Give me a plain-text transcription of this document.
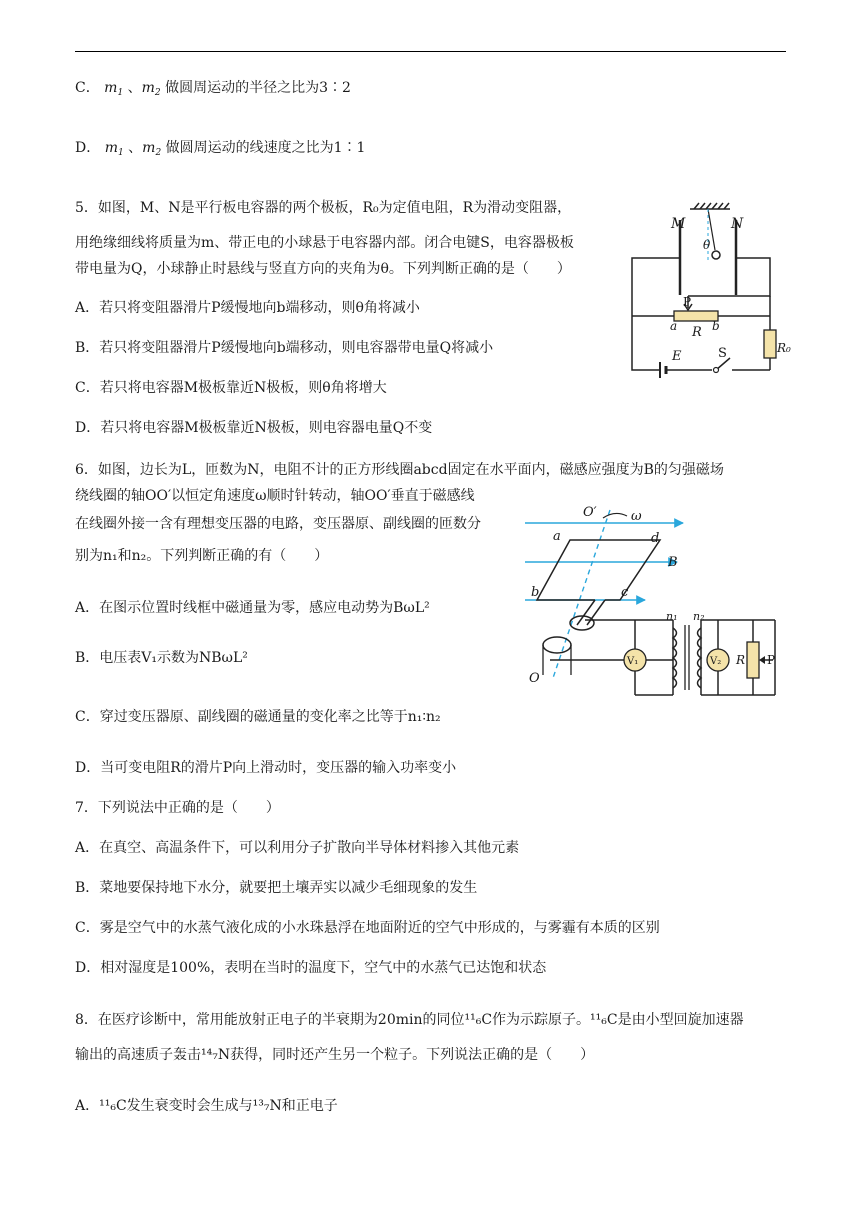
C． $m_1$ 、$m_2$ 做圆周运动的半径之比为3∶2
D． $m_1$ 、$m_2$ 做圆周运动的线速度之比为1∶1
5．如图，M、N是平行板电容器的两个极板，R₀为定值电阻，R为滑动变阻器，
用绝缘细线将质量为m、带正电的小球悬于电容器内部。闭合电键S，电容器极板
带电量为Q，小球静止时悬线与竖直方向的夹角为θ。下列判断正确的是（　　）
A．若只将变阻器滑片P缓慢地向b端移动，则θ角将减小
B．若只将变阻器滑片P缓慢地向b端移动，则电容器带电量Q将减小
C．若只将电容器M极板靠近N极板，则θ角将增大
D．若只将电容器M极板靠近N极板，则电容器电量Q不变
M	N
θ
P
a R b
R₀
E	S
6．如图，边长为L，匝数为N，电阻不计的正方形线圈abcd固定在水平面内，磁感应强度为B的匀强磁场
绕线圈的轴OO′以恒定角速度ω顺时针转动，轴OO′垂直于磁感线
在线圈外接一含有理想变压器的电路，变压器原、副线圈的匝数分
别为n₁和n₂。下列判断正确的有（　　）
A．在图示位置时线框中磁通量为零，感应电动势为BωL²
B．电压表V₁示数为NBωL²
C．穿过变压器原、副线圈的磁通量的变化率之比等于n₁∶n₂
D．当可变电阻R的滑片P向上滑动时，变压器的输入功率变小
O′	ω
a	d
B
b	c
O
n₁ n₂
V₁	V₂ R P
7．下列说法中正确的是（　　）
A．在真空、高温条件下，可以利用分子扩散向半导体材料掺入其他元素
B．菜地要保持地下水分，就要把土壤弄实以减少毛细现象的发生
C．雾是空气中的水蒸气液化成的小水珠悬浮在地面附近的空气中形成的，与雾霾有本质的区别
D．相对湿度是100%，表明在当时的温度下，空气中的水蒸气已达饱和状态
8．在医疗诊断中，常用能放射正电子的半衰期为20min的同位¹¹₆C作为示踪原子。¹¹₆C是由小型回旋加速器
输出的高速质子轰击¹⁴₇N获得，同时还产生另一个粒子。下列说法正确的是（　　）
A．¹¹₆C发生衰变时会生成与¹³₇N和正电子
